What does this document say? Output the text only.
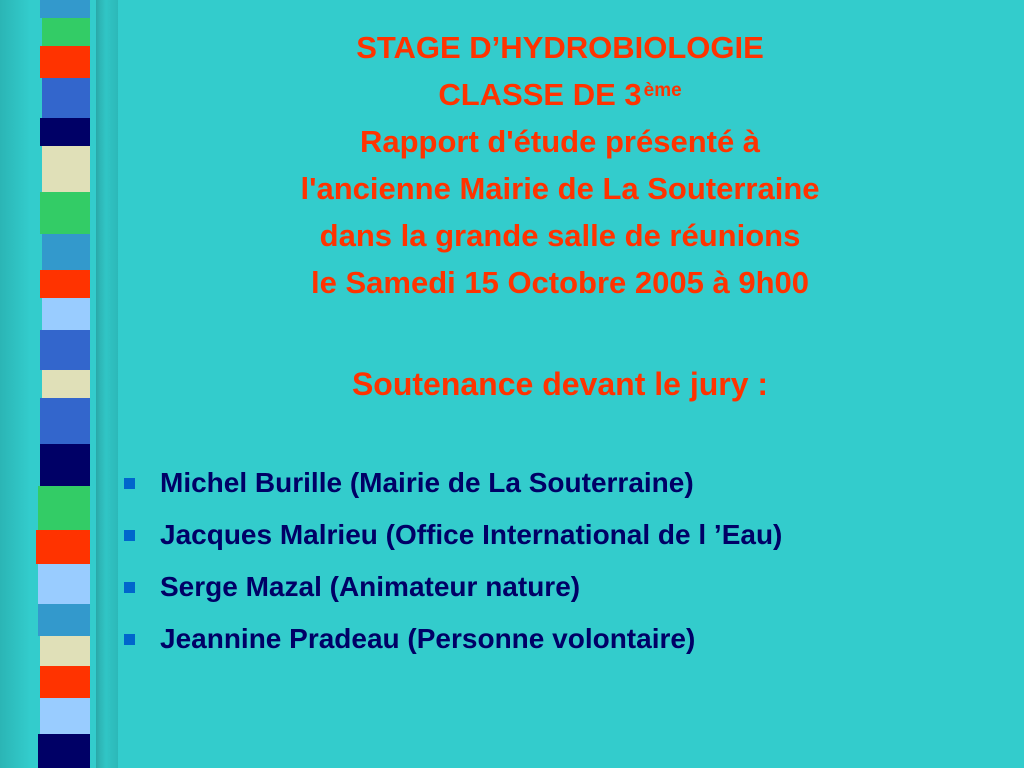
STAGE D’HYDROBIOLOGIE
CLASSE DE 3 $^{ème}$
Rapport d'étude présenté à
l'ancienne Mairie de La Souterraine
dans la grande salle de réunions
le Samedi 15 Octobre 2005 à 9h00
Soutenance devant le jury :
Michel Burille (Mairie de La Souterraine)
Jacques Malrieu (Office International de l ’Eau)
Serge Mazal (Animateur nature)
Jeannine Pradeau (Personne volontaire)
